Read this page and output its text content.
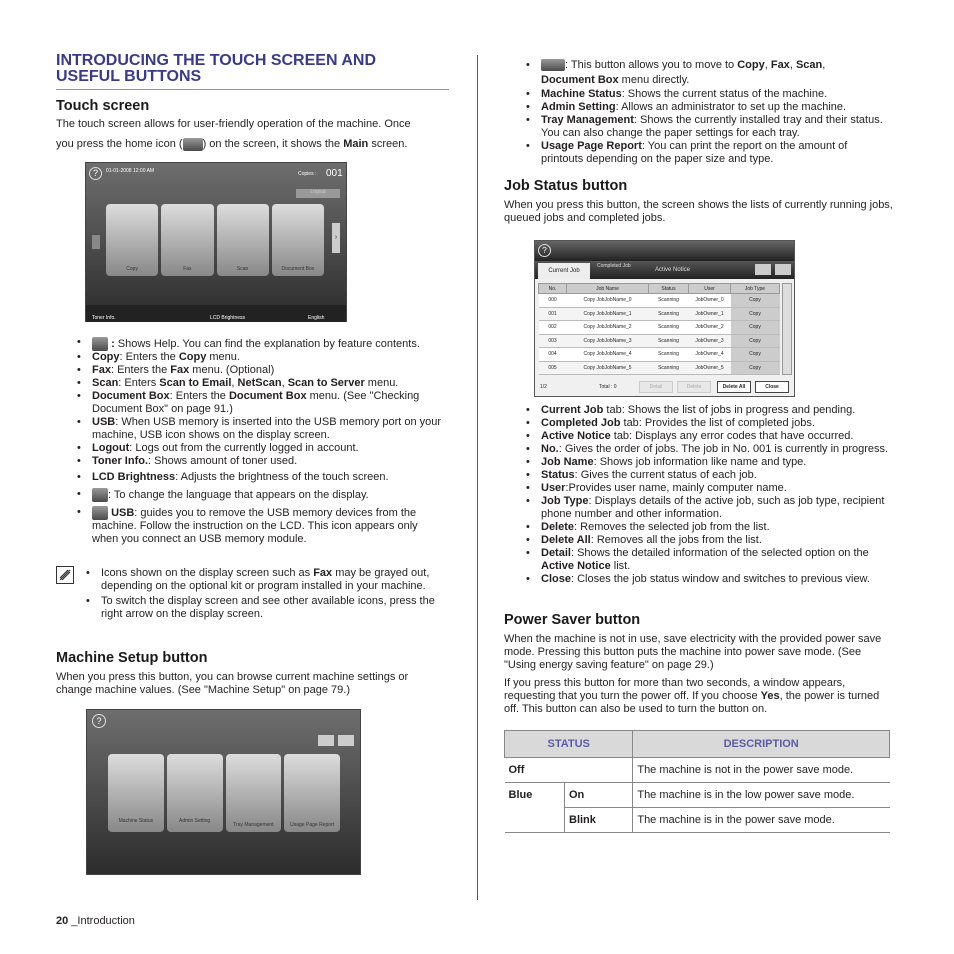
INTRODUCING THE TOUCH SCREEN AND
USEFUL BUTTONS
Touch screen

The touch screen allows for user-friendly operation of the machine. Once

you press the home icon ( ) on the screen, it shows the Main screen.

?	01-01-2008 12:00 AM	Copies : 001
Logout
›
Copy	Fax	Scan	Document Box
Toner Info.	LCD Brightness	English
• : Shows Help. You can find the explanation by feature contents.
• Copy: Enters the Copy menu.
• Fax: Enters the Fax menu. (Optional)
• Scan: Enters Scan to Email, NetScan, Scan to Server menu.
• Document Box: Enters the Document Box menu. (See "Checking Document Box" on page 91.)
• USB: When USB memory is inserted into the USB memory port on your machine, USB icon shows on the display screen.
• Logout: Logs out from the currently logged in account.
• Toner Info.: Shows amount of toner used.
• LCD Brightness: Adjusts the brightness of the touch screen.
• : To change the language that appears on the display.
• USB: guides you to remove the USB memory devices from the machine. Follow the instruction on the LCD. This icon appears only when you connect an USB memory module.
• Icons shown on the display screen such as Fax may be grayed out, depending on the optional kit or program installed in your machine.
• To switch the display screen and see other available icons, press the right arrow on the display screen.
Machine Setup button

When you press this button, you can browse current machine settings or change machine values. (See "Machine Setup" on page 79.)

?
Machine Status	Admin Setting
Tray Management	Usage Page Report
20 _Introduction
• : This button allows you to move to Copy, Fax, Scan,
Document Box menu directly.
• Machine Status: Shows the current status of the machine.
• Admin Setting: Allows an administrator to set up the machine.
• Tray Management: Shows the currently installed tray and their status. You can also change the paper settings for each tray.
• Usage Page Report: You can print the report on the amount of printouts depending on the paper size and type.
Job Status button

When you press this button, the screen shows the lists of currently running jobs, queued jobs and completed jobs.

?
Current Job
Completed Job
Active Notice
No.	Job Name	Status	User	Job Type
000	Copy JobJobName_0	Scanning	JobOwner_0	Copy
001	Copy JobJobName_1	Scanning	JobOwner_1	Copy
002	Copy JobJobName_2	Scanning	JobOwner_2	Copy
003	Copy JobJobName_3	Scanning	JobOwner_3	Copy
004	Copy JobJobName_4	Scanning	JobOwner_4	Copy
005	Copy JobJobName_5	Scanning	JobOwner_5	Copy
1/2	Total : 0	Detail	Delete	Delete All	Close
• Current Job tab: Shows the list of jobs in progress and pending.
• Completed Job tab: Provides the list of completed jobs.
• Active Notice tab: Displays any error codes that have occurred.
• No.: Gives the order of jobs. The job in No. 001 is currently in progress.
• Job Name: Shows job information like name and type.
• Status: Gives the current status of each job.
• User:Provides user name, mainly computer name.
• Job Type: Displays details of the active job, such as job type, recipient phone number and other information.
• Delete: Removes the selected job from the list.
• Delete All: Removes all the jobs from the list.
• Detail: Shows the detailed information of the selected option on the Active Notice list.
• Close: Closes the job status window and switches to previous view.
Power Saver button

When the machine is not in use, save electricity with the provided power save mode. Pressing this button puts the machine into power save mode. (See "Using energy saving feature" on page 29.)

If you press this button for more than two seconds, a window appears, requesting that you turn the power off. If you choose Yes, the power is turned off. This button can also be used to turn the button on.

STATUS		DESCRIPTION
Off		The machine is not in the power save mode.
Blue	On	The machine is in the low power save mode.
	Blink	The machine is in the power save mode.
